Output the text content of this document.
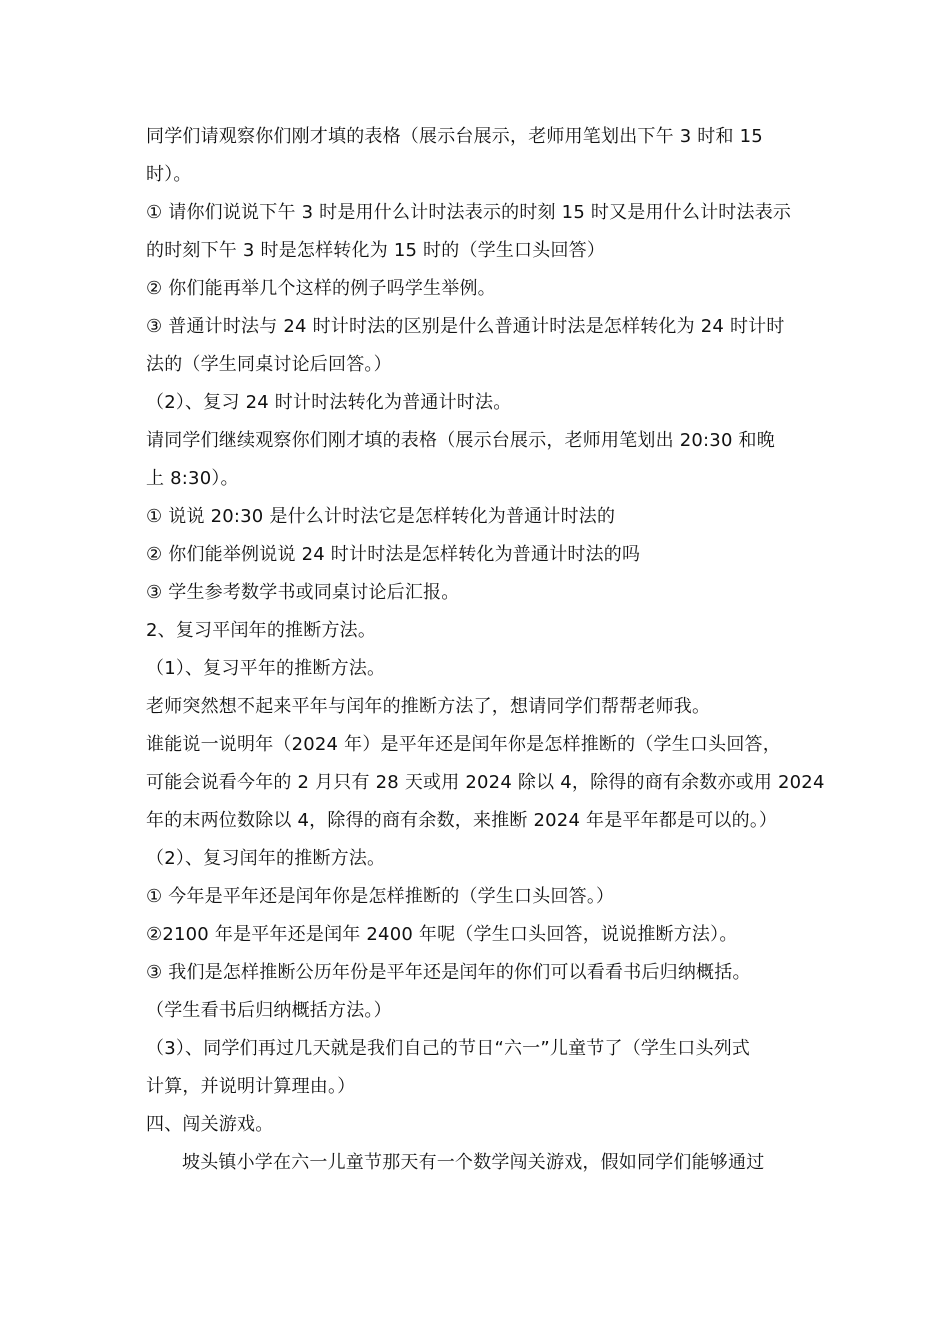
同学们请观察你们刚才填的表格（展示台展示，老师用笔划出下午 3 时和 15
时）。
① 请你们说说下午 3 时是用什么计时法表示的时刻 15 时又是用什么计时法表示
的时刻下午 3 时是怎样转化为 15 时的（学生口头回答）
② 你们能再举几个这样的例子吗学生举例。
③ 普通计时法与 24 时计时法的区别是什么普通计时法是怎样转化为 24 时计时
法的（学生同桌讨论后回答。）
（2）、复习 24 时计时法转化为普通计时法。
请同学们继续观察你们刚才填的表格（展示台展示，老师用笔划出 20:30 和晚
上 8:30）。
① 说说 20:30 是什么计时法它是怎样转化为普通计时法的
② 你们能举例说说 24 时计时法是怎样转化为普通计时法的吗
③ 学生参考数学书或同桌讨论后汇报。
2、复习平闰年的推断方法。
（1）、复习平年的推断方法。
老师突然想不起来平年与闰年的推断方法了，想请同学们帮帮老师我。
谁能说一说明年（2024 年）是平年还是闰年你是怎样推断的（学生口头回答，
可能会说看今年的 2 月只有 28 天或用 2024 除以 4，除得的商有余数亦或用 2024
年的末两位数除以 4，除得的商有余数，来推断 2024 年是平年都是可以的。）
（2）、复习闰年的推断方法。
① 今年是平年还是闰年你是怎样推断的（学生口头回答。）
②2100 年是平年还是闰年 2400 年呢（学生口头回答，说说推断方法）。
③ 我们是怎样推断公历年份是平年还是闰年的你们可以看看书后归纳概括。
（学生看书后归纳概括方法。）
（3）、同学们再过几天就是我们自己的节日“六一”儿童节了（学生口头列式
计算，并说明计算理由。）
四、闯关游戏。
坡头镇小学在六一儿童节那天有一个数学闯关游戏，假如同学们能够通过
